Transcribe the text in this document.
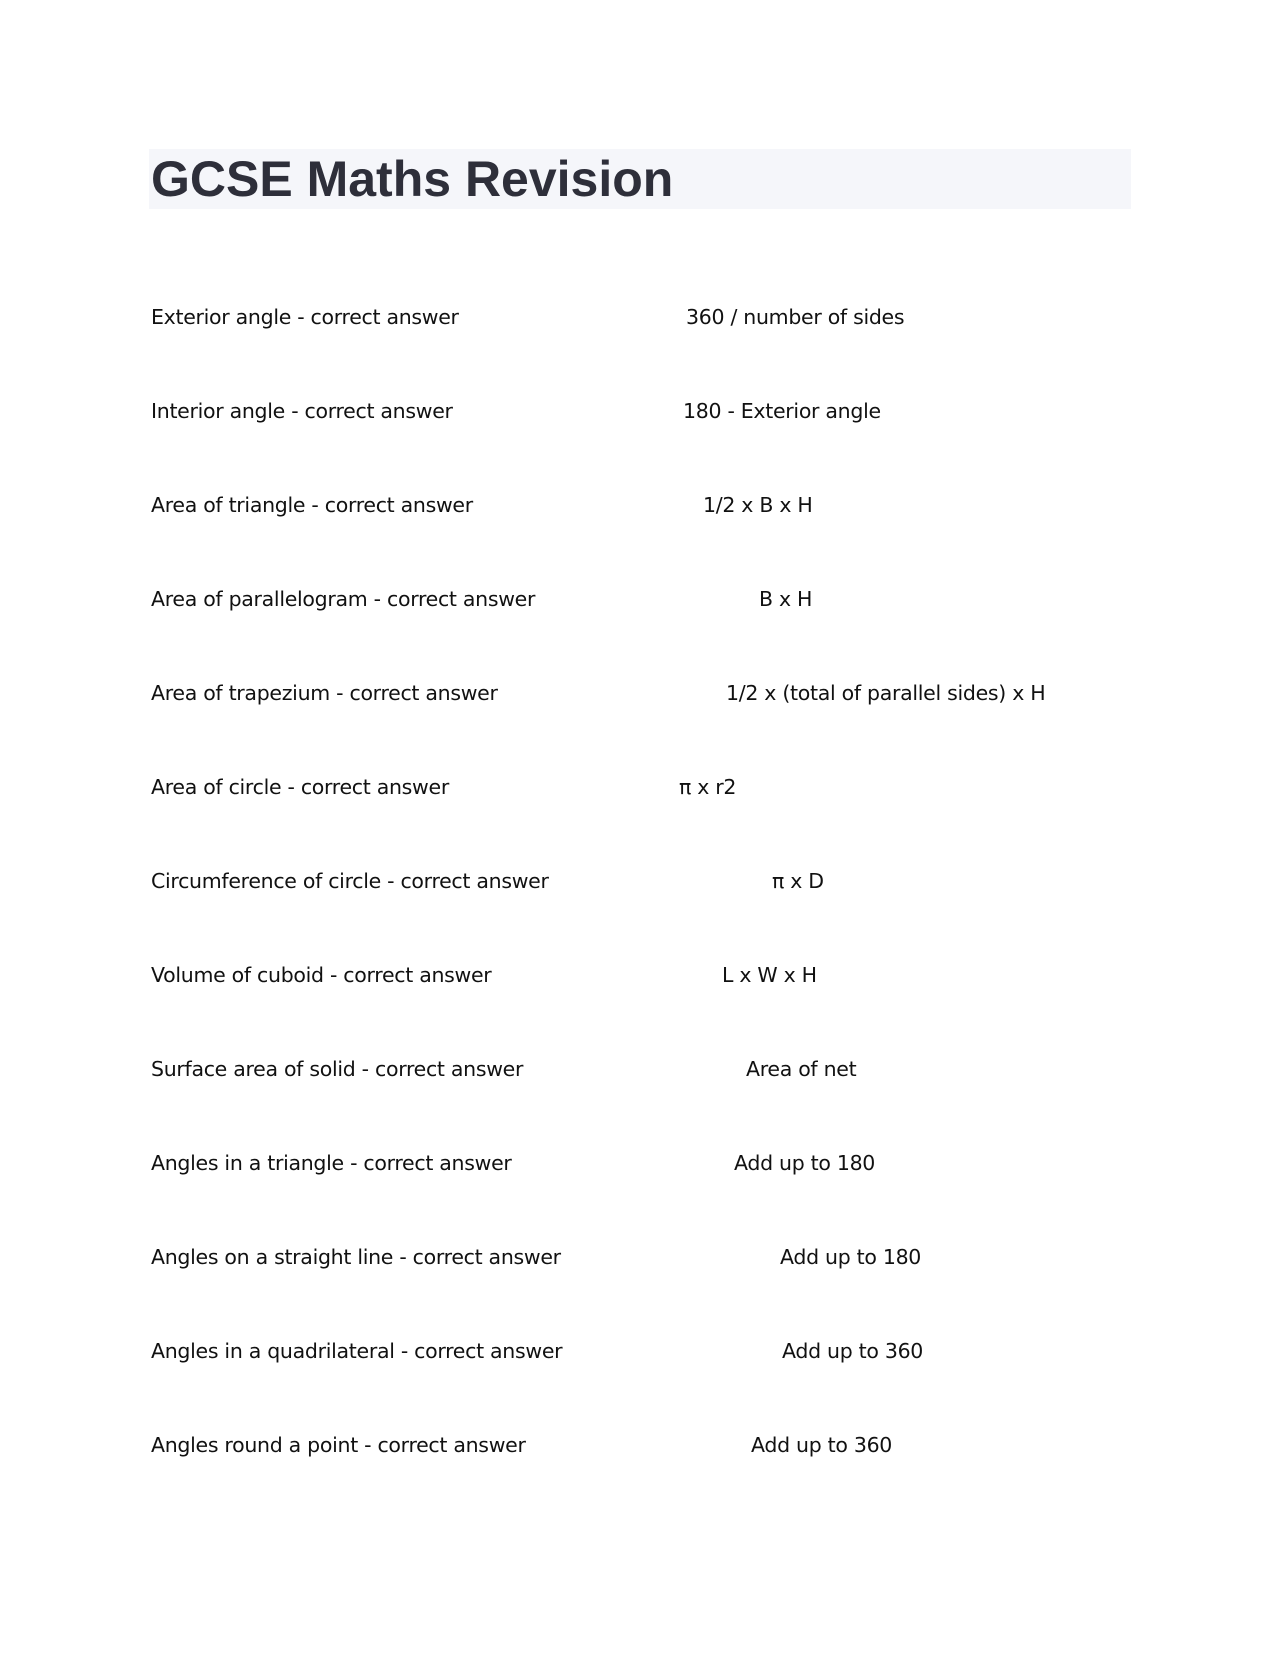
GCSE Maths Revision
Exterior angle - correct answer	360 / number of sides
Interior angle - correct answer	180 - Exterior angle
Area of triangle - correct answer	1/2 x B x H
Area of parallelogram - correct answer	B x H
Area of trapezium - correct answer	1/2 x (total of parallel sides) x H
Area of circle - correct answer	π x r2
Circumference of circle - correct answer	π x D
Volume of cuboid - correct answer	L x W x H
Surface area of solid - correct answer	Area of net
Angles in a triangle - correct answer	Add up to 180
Angles on a straight line - correct answer	Add up to 180
Angles in a quadrilateral - correct answer	Add up to 360
Angles round a point - correct answer	Add up to 360
